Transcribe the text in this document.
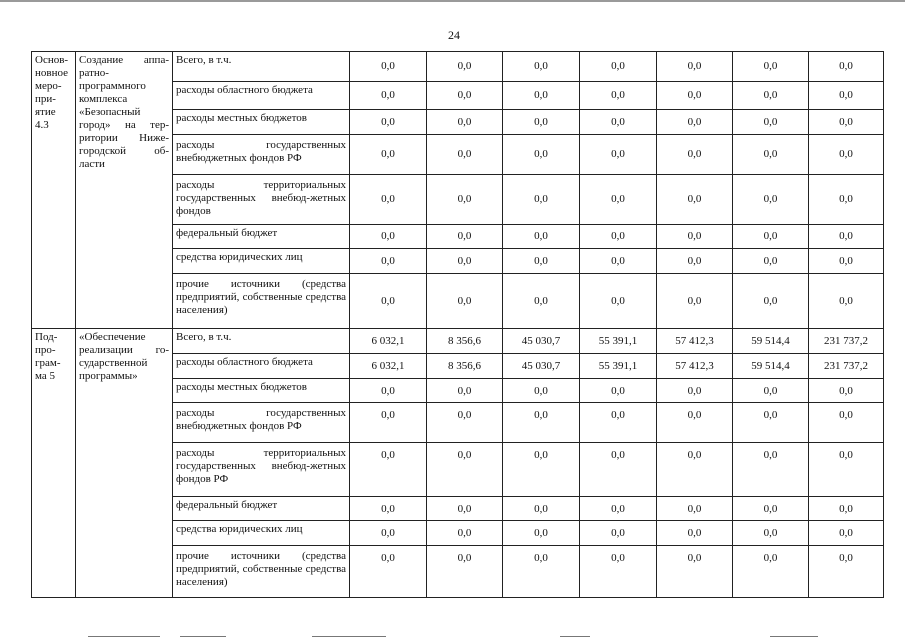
24
Основ-новное меро-при-ятие 4.3	Создание аппа-ратно-программного комплекса «Безопасный город» на тер-ритории Ниже-городской об-ласти	Всего, в т.ч.	0,0	0,0	0,0	0,0	0,0	0,0	0,0
		расходы областного бюджета	0,0	0,0	0,0	0,0	0,0	0,0	0,0
		расходы местных бюджетов	0,0	0,0	0,0	0,0	0,0	0,0	0,0
		расходы государственных внебюджетных фондов РФ	0,0	0,0	0,0	0,0	0,0	0,0	0,0
		расходы территориальных государственных внебюд-жетных фондов	0,0	0,0	0,0	0,0	0,0	0,0	0,0
		федеральный бюджет	0,0	0,0	0,0	0,0	0,0	0,0	0,0
		средства юридических лиц	0,0	0,0	0,0	0,0	0,0	0,0	0,0
		прочие источники (средства предприятий, собственные средства населения)	0,0	0,0	0,0	0,0	0,0	0,0	0,0
Под-про-грам-ма 5	«Обеспечение реализации го-сударственной программы»	Всего, в т.ч.	6 032,1	8 356,6	45 030,7	55 391,1	57 412,3	59 514,4	231 737,2
		расходы областного бюджета	6 032,1	8 356,6	45 030,7	55 391,1	57 412,3	59 514,4	231 737,2
		расходы местных бюджетов	0,0	0,0	0,0	0,0	0,0	0,0	0,0
		расходы государственных внебюджетных фондов РФ	0,0	0,0	0,0	0,0	0,0	0,0	0,0
		расходы территориальных государственных внебюд-жетных фондов РФ	0,0	0,0	0,0	0,0	0,0	0,0	0,0
		федеральный бюджет	0,0	0,0	0,0	0,0	0,0	0,0	0,0
		средства юридических лиц	0,0	0,0	0,0	0,0	0,0	0,0	0,0
		прочие источники (средства предприятий, собственные средства населения)	0,0	0,0	0,0	0,0	0,0	0,0	0,0
